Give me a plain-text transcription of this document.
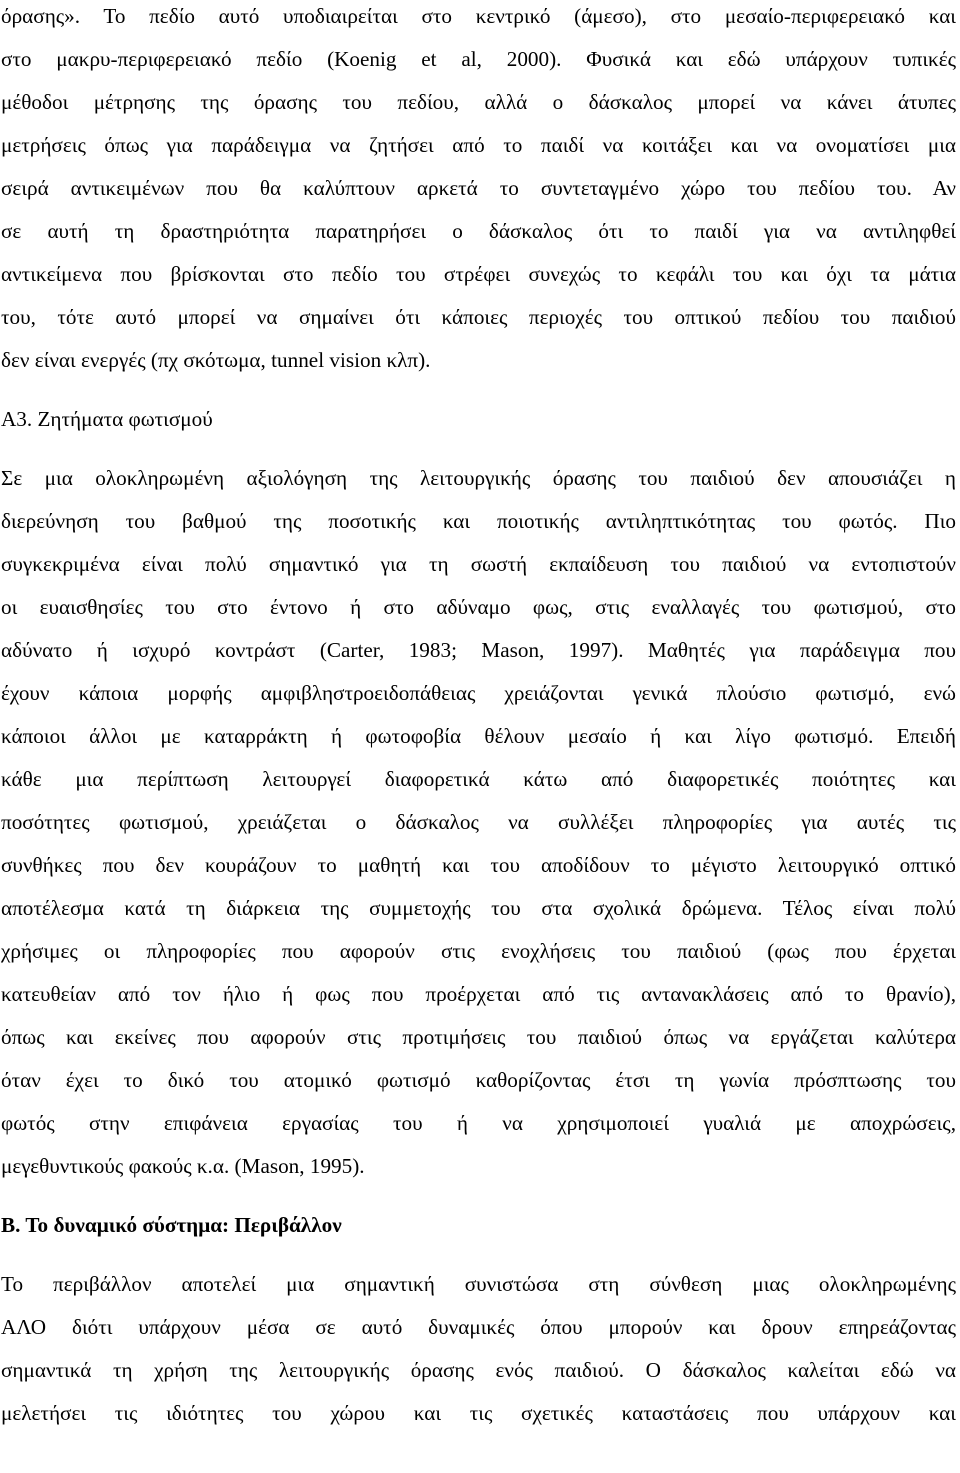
όρασης». Το πεδίο αυτό υποδιαιρείται στο κεντρικό (άμεσο), στο μεσαίο-περιφερειακό και
στο μακρυ-περιφερειακό πεδίο (Koenig et al, 2000). Φυσικά και εδώ υπάρχουν τυπικές
μέθοδοι μέτρησης της όρασης του πεδίου, αλλά ο δάσκαλος μπορεί να κάνει άτυπες
μετρήσεις όπως για παράδειγμα να ζητήσει από το παιδί να κοιτάξει και να ονοματίσει μια
σειρά αντικειμένων που θα καλύπτουν αρκετά το συντεταγμένο χώρο του πεδίου του. Αν
σε αυτή τη δραστηριότητα παρατηρήσει ο δάσκαλος ότι το παιδί για να αντιληφθεί
αντικείμενα που βρίσκονται στο πεδίο του στρέφει συνεχώς το κεφάλι του και όχι τα μάτια
του, τότε αυτό μπορεί να σημαίνει ότι κάποιες περιοχές του οπτικού πεδίου του παιδιού
δεν είναι ενεργές (πχ σκότωμα, tunnel vision κλπ).
Α3. Ζητήματα φωτισμού
Σε μια ολοκληρωμένη αξιολόγηση της λειτουργικής όρασης του παιδιού δεν απουσιάζει η
διερεύνηση του βαθμού της ποσοτικής και ποιοτικής αντιληπτικότητας του φωτός. Πιο
συγκεκριμένα είναι πολύ σημαντικό για τη σωστή εκπαίδευση του παιδιού να εντοπιστούν
οι ευαισθησίες του στο έντονο ή στο αδύναμο φως, στις εναλλαγές του φωτισμού, στο
αδύνατο ή ισχυρό κοντράστ (Carter, 1983; Mason, 1997). Μαθητές για παράδειγμα που
έχουν κάποια μορφής αμφιβληστροειδοπάθειας χρειάζονται γενικά πλούσιο φωτισμό, ενώ
κάποιοι άλλοι με καταρράκτη ή φωτοφοβία θέλουν μεσαίο ή και λίγο φωτισμό. Επειδή
κάθε μια περίπτωση λειτουργεί διαφορετικά κάτω από διαφορετικές ποιότητες και
ποσότητες φωτισμού, χρειάζεται ο δάσκαλος να συλλέξει πληροφορίες για αυτές τις
συνθήκες που δεν κουράζουν το μαθητή και του αποδίδουν το μέγιστο λειτουργικό οπτικό
αποτέλεσμα κατά τη διάρκεια της συμμετοχής του στα σχολικά δρώμενα. Τέλος είναι πολύ
χρήσιμες οι πληροφορίες που αφορούν στις ενοχλήσεις του παιδιού (φως που έρχεται
κατευθείαν από τον ήλιο ή φως που προέρχεται από τις αντανακλάσεις από το θρανίο),
όπως και εκείνες που αφορούν στις προτιμήσεις του παιδιού όπως να εργάζεται καλύτερα
όταν έχει το δικό του ατομικό φωτισμό καθορίζοντας έτσι τη γωνία πρόσπτωσης του
φωτός στην επιφάνεια εργασίας του ή να χρησιμοποιεί γυαλιά με αποχρώσεις,
μεγεθυντικούς φακούς κ.α. (Mason, 1995).
Β. Το δυναμικό σύστημα: Περιβάλλον
Το περιβάλλον αποτελεί μια σημαντική συνιστώσα στη σύνθεση μιας ολοκληρωμένης
ΑΛΟ διότι υπάρχουν μέσα σε αυτό δυναμικές όπου μπορούν και δρουν επηρεάζοντας
σημαντικά τη χρήση της λειτουργικής όρασης ενός παιδιού. Ο δάσκαλος καλείται εδώ να
μελετήσει τις ιδιότητες του χώρου και τις σχετικές καταστάσεις που υπάρχουν και
